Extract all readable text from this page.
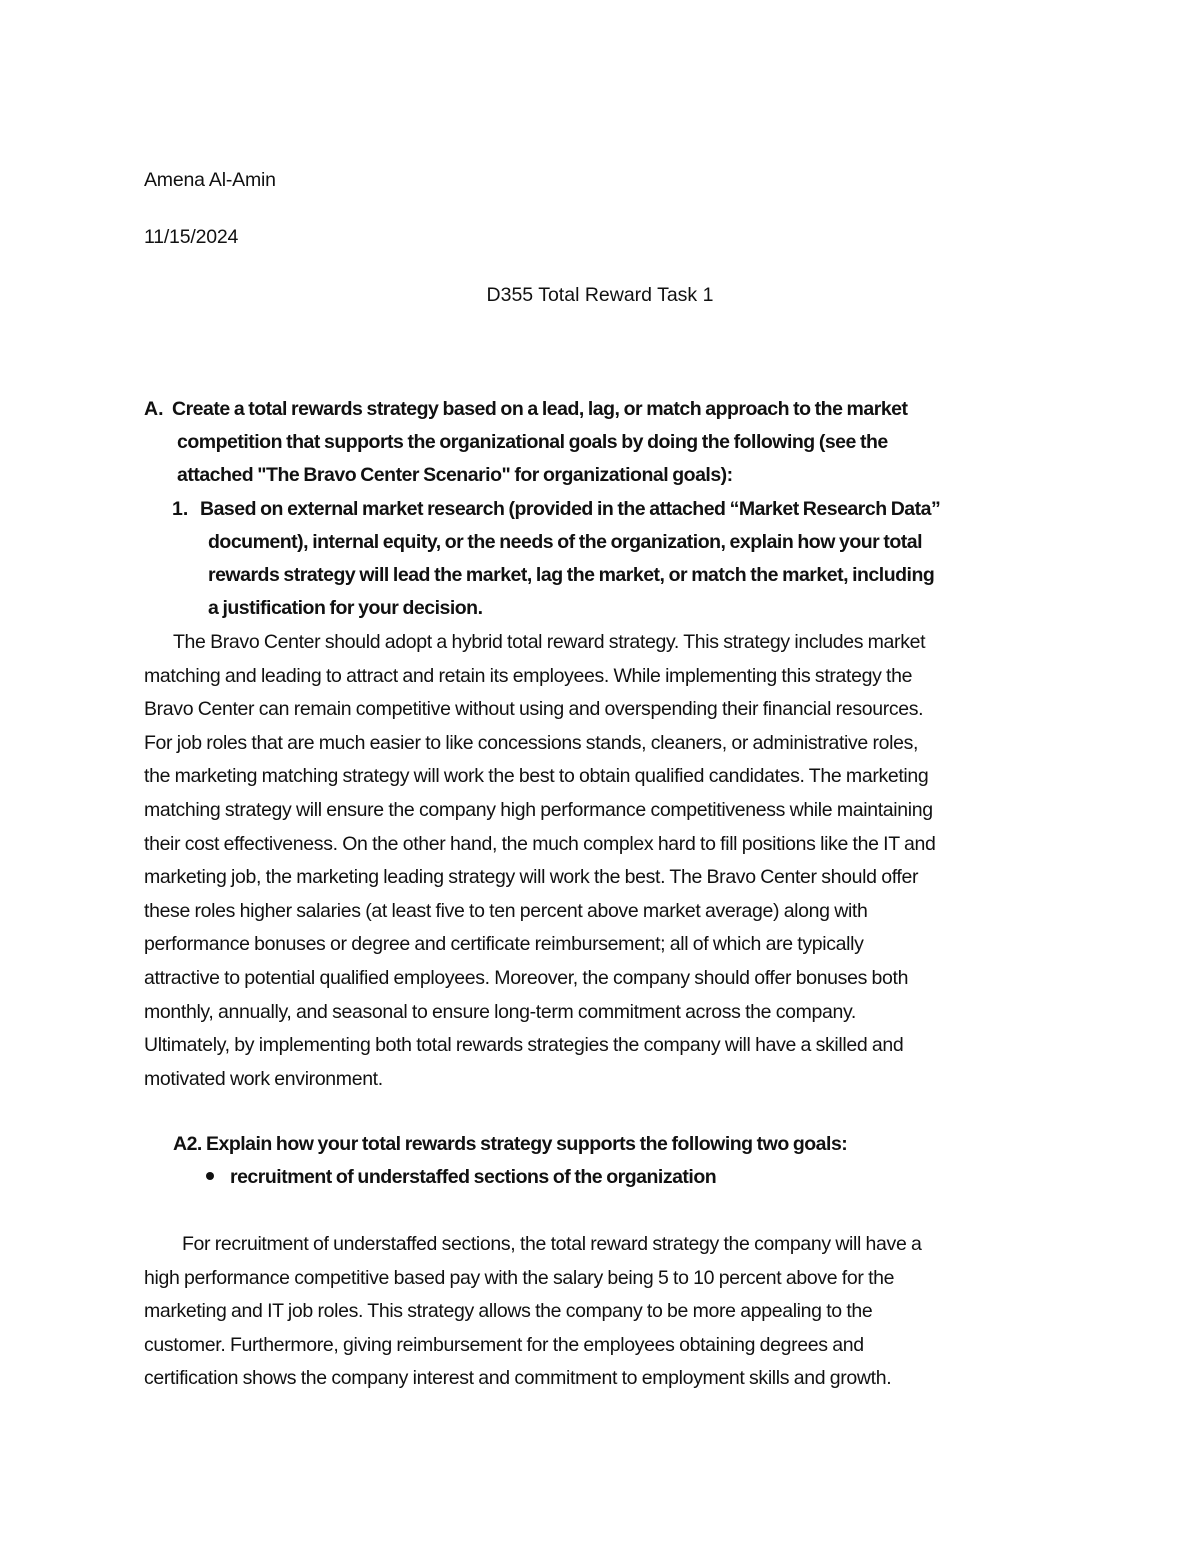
Amena Al-Amin
11/15/2024
D355 Total Reward Task 1
A. Create a total rewards strategy based on a lead, lag, or match approach to the market

competition that supports the organizational goals by doing the following (see the

attached "The Bravo Center Scenario" for organizational goals):

1. Based on external market research (provided in the attached “Market Research Data”

document), internal equity, or the needs of the organization, explain how your total

rewards strategy will lead the market, lag the market, or match the market, including

a justification for your decision.

The Bravo Center should adopt a hybrid total reward strategy. This strategy includes market

matching and leading to attract and retain its employees. While implementing this strategy the

Bravo Center can remain competitive without using and overspending their financial resources.

For job roles that are much easier to like concessions stands, cleaners, or administrative roles,

the marketing matching strategy will work the best to obtain qualified candidates. The marketing

matching strategy will ensure the company high performance competitiveness while maintaining

their cost effectiveness. On the other hand, the much complex hard to fill positions like the IT and

marketing job, the marketing leading strategy will work the best. The Bravo Center should offer

these roles higher salaries (at least five to ten percent above market average) along with

performance bonuses or degree and certificate reimbursement; all of which are typically

attractive to potential qualified employees. Moreover, the company should offer bonuses both

monthly, annually, and seasonal to ensure long-term commitment across the company.

Ultimately, by implementing both total rewards strategies the company will have a skilled and

motivated work environment.

A2. Explain how your total rewards strategy supports the following two goals:

recruitment of understaffed sections of the organization

For recruitment of understaffed sections, the total reward strategy the company will have a

high performance competitive based pay with the salary being 5 to 10 percent above for the

marketing and IT job roles. This strategy allows the company to be more appealing to the

customer. Furthermore, giving reimbursement for the employees obtaining degrees and

certification shows the company interest and commitment to employment skills and growth.
